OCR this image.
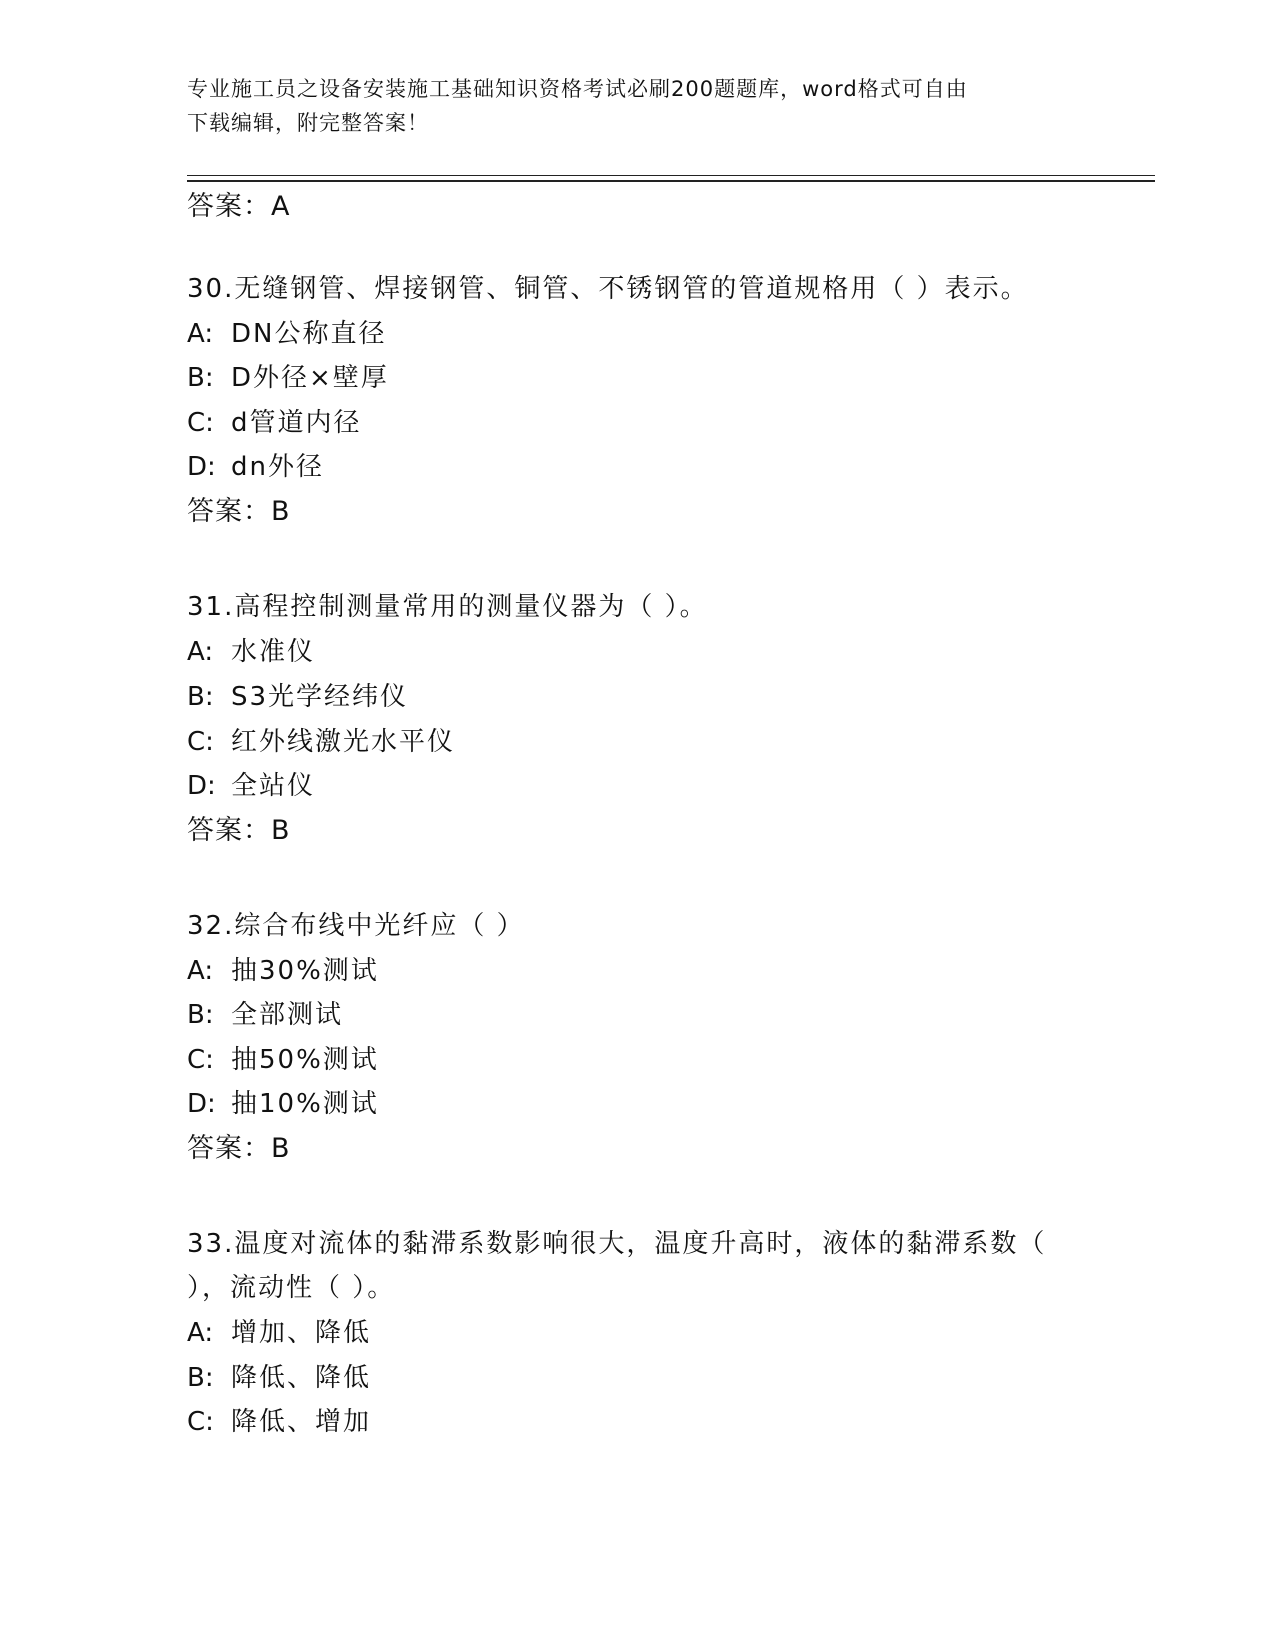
专业施工员之设备安装施工基础知识资格考试必刷200题题库，word格式可自由
下载编辑，附完整答案！
答案：A
30.无缝钢管、焊接钢管、铜管、不锈钢管的管道规格用（ ）表示。
A: DN公称直径
B: D外径×壁厚
C: d管道内径
D: dn外径
答案：B
31.高程控制测量常用的测量仪器为（ ）。
A: 水准仪
B: S3光学经纬仪
C: 红外线激光水平仪
D: 全站仪
答案：B
32.综合布线中光纤应（ ）
A: 抽30%测试
B: 全部测试
C: 抽50%测试
D: 抽10%测试
答案：B
33.温度对流体的黏滞系数影响很大，温度升高时，液体的黏滞系数（
），流动性（ ）。
A: 增加、降低
B: 降低、降低
C: 降低、增加
